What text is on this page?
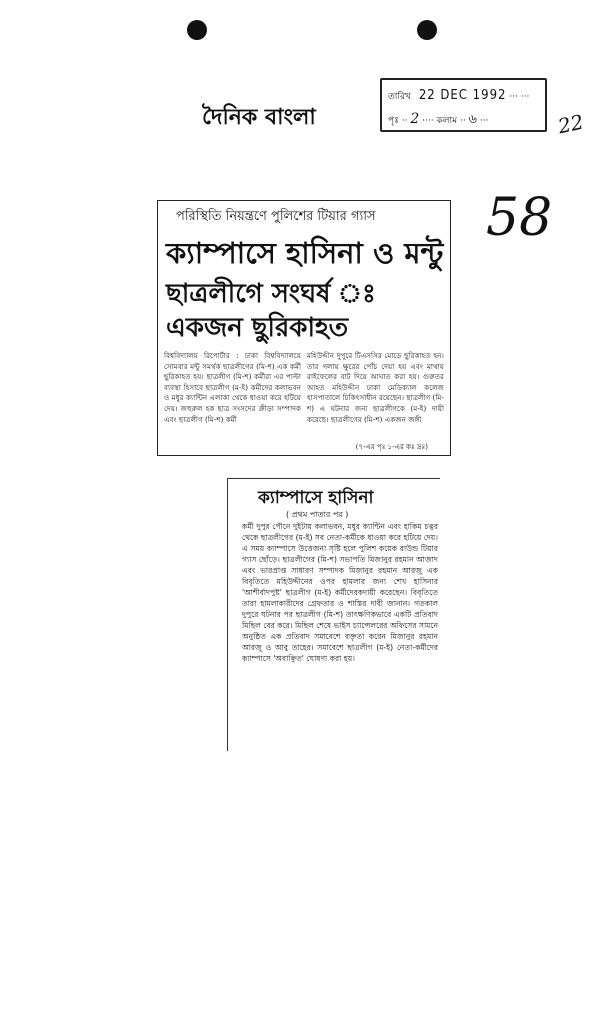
দৈনিক বাংলা
তারিখ 22 DEC 1992 ··· ···
পৃঃ ·· 2 ···· কলাম ·· ৬ ···	22
58
পরিস্থিতি নিয়ন্ত্রণে পুলিশের টিয়ার গ্যাস
ক্যাম্পাসে হাসিনা ও মন্টু
ছাত্রলীগে সংঘর্ষ ঃ
একজন ছুরিকাহত

বিশ্ববিদ্যালয় রিপোর্টার : ঢাকা বিশ্ববিদ্যালয়ে সোমবার মন্টু সমর্থক ছাত্রলীগের (মি-শ) এক কর্মী ছুরিকাহত হয়। ছাত্রলীগ (মি-শ) কর্মীরা এর পাল্টা ব্যবস্থা হিসাবে ছাত্রলীগ (ম-ই) কর্মীদের কলাভবন ও মধুর ক্যান্টিন এলাকা থেকে ধাওয়া করে হটিয়ে দেয়। জহুরুল হক ছাত্র সংসদের ক্রীড়া সম্পাদক এবং ছাত্রলীগ (মি-শ) কর্মী

মহিউদ্দীন দুপুরে টিএসসির মোড়ে ছুরিকাহত হন। তার গলায় ক্ষুরের পোঁচ দেয়া হয় এবং মাথায় রাইফেলের বাট দিয়ে আঘাত করা হয়। গুরুতর আহত মহিউদ্দীন ঢাকা মেডিক্যাল কলেজ হাসপাতালে চিকিৎসাধীন রয়েছেন। ছাত্রলীগ (মি-শ) এ ঘটনার জন্য ছাত্রলীগকে (ম-ই) দায়ী করেছে। ছাত্রলীগের (মি-শ) একজন জঙ্গী

(৭-এর পৃঃ ১-এর কঃ দ্রঃ)
ক্যাম্পাসে হাসিনা
( প্রথম পাতার পর )

কর্মী দুপুর পৌনে দুইটায় কলাভবন, মধুর ক্যান্টিন এবং হাকিম চত্বর থেকে ছাত্রলীগের (ম-ই) সব নেতা-কর্মীকে ধাওয়া করে হটিয়ে দেয়। এ সময় ক্যাম্পাসে উত্তেজনা সৃষ্টি হলে পুলিশ কয়েক রাউন্ড টিয়ার গ্যাস ছোঁড়ে। ছাত্রলীগের (মি-শ) সভাপতি মিজানুর রহমান আজাদ এবং ভারপ্রাপ্ত সাধারণ সম্পাদক মিজানুর রহমান আরজু এক বিবৃতিতে মহিউদ্দীনের ওপর হামলার জন্য শেখ হাসিনার 'আশীর্বাদপুষ্ট' ছাত্রলীগ (ম-ই) কর্মীদেরকদায়ী করেছেন। বিবৃতিতে তারা হামলাকারীদের গ্রেফতার ও শাস্তির দাবী জানান। গতকাল দুপুরে ঘটনার পর ছাত্রলীগ (মি-শ) তাৎক্ষণিকভাবে একটি প্রতিবাদ মিছিল বের করে। মিছিল শেষে ভাইস চ্যান্সেলরের অফিসের সামনে অনুষ্ঠিত এক প্রতিবাদ সমাবেশে বক্তৃতা করেন মিজানুর রহমান আরজু ও আবু তাহের। সমাবেশে ছাত্রলীগ (ম-ই) নেতা-কর্মীদের ক্যাম্পাসে 'অবাঞ্ছিত' ঘোষণা করা হয়।
